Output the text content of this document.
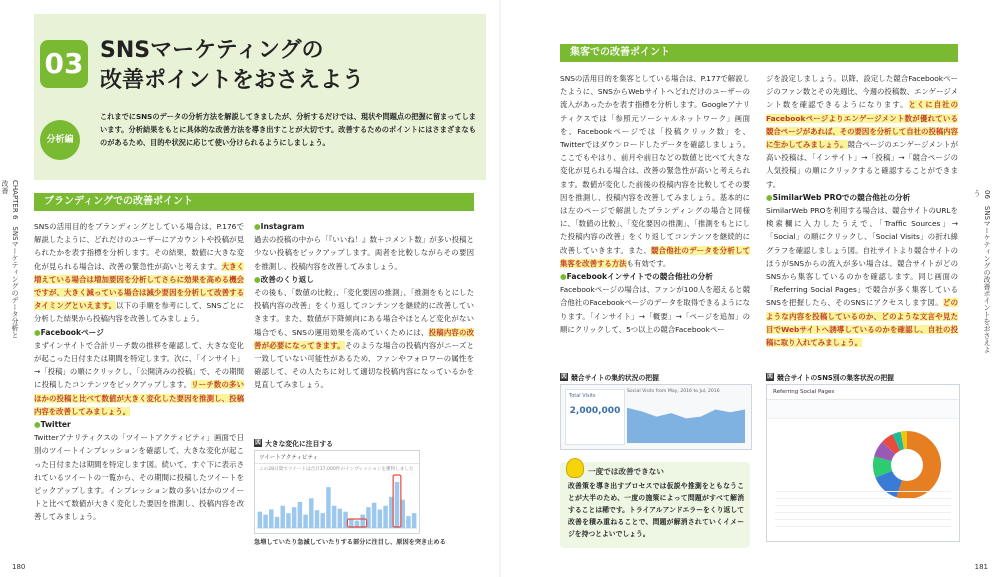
03 SNSマーケティングの
改善ポイントをおさえよう
分析編

これまでにSNSのデータの分析方法を解説してきましたが、分析するだけでは、現状や問題点の把握に留まってしまいます。分析結果をもとに具体的な改善方法を導き出すことが大切です。改善するためのポイントにはさまざまなものがあるため、目的や状況に応じて使い分けられるようにしましょう。

CHAPTER 6　SNSマーケティングのデータ分析と改善
ブランディングでの改善ポイント

SNSの活用目的をブランディングとしている場合は、P.176で解説したように、どれだけのユーザーにアカウントや投稿が見られたかを表す指標を分析します。その結果、数値に大きな変化が見られる場合は、改善の緊急性が高いと考えます。大きく増えている場合は増加要因を分析してさらに効果を高める機会ですが、大きく減っている場合は減少要因を分析して改善するタイミングといえます。以下の手順を参考にして、SNSごとに分析した結果から投稿内容を改善してみましょう。

●Facebookページ

まずインサイトで合計リーチ数の推移を確認して、大きな変化が起こった日付または期間を特定します。次に、「インサイト」→「投稿」の順にクリックし、「公開済みの投稿」で、その期間に投稿したコンテンツをピックアップします。リーチ数の多いほかの投稿と比べて数値が大きく変化した要因を推測し、投稿内容を改善してみましょう。

●Twitter

Twitterアナリティクスの「ツイートアクティビティ」画面で日別のツイートインプレッションを確認して、大きな変化が起こった日付または期間を特定します図。続いて、すぐ下に表示されているツイートの一覧から、その期間に投稿したツイートをピックアップします。インプレッション数の多いほかのツイートと比べて数値が大きく変化した要因を推測し、投稿内容を改善してみましょう。

●Instagram

過去の投稿の中から「『いいね！』数＋コメント数」が多い投稿と少ない投稿をピックアップします。両者を比較しながらその要因を推測し、投稿内容を改善してみましょう。

●改善のくり返し

その後も、「数値の比較」、「変化要因の推測」、「推測をもとにした投稿内容の改善」をくり返してコンテンツを継続的に改善していきます。また、数値が下降傾向にある場合やほとんど変化がない場合でも、SNSの運用効果を高めていくためには、投稿内容の改善が必要になってきます。そのような場合の投稿内容がニーズと一致していない可能性があるため、ファンやフォロワーの属性を確認して、その人たちに対して適切な投稿内容になっているかを見直してみましょう。

図 大きな変化に注目する
ツイートアクティビティ
この28日間でツイートは合計17,000件のインプレッションを獲得しました
急増していたり急減していたりする部分に注目し、原因を突き止める
180
集客での改善ポイント

SNSの活用目的を集客としている場合は、P.177で解説したように、SNSからWebサイトへどれだけのユーザーの流入があったかを表す指標を分析します。Googleアナリティクスでは「参照元ソーシャルネットワーク」画面を、Facebookページでは「投稿クリック数」を、Twitterではダウンロードしたデータを確認しましょう。ここでもやはり、前月や前日などの数値と比べて大きな変化が見られる場合は、改善の緊急性が高いと考えられます。数値が変化した前後の投稿内容を比較してその要因を推測し、投稿内容を改善してみましょう。基本的には左のページで解説したブランディングの場合と同様に、「数値の比較」、「変化要因の推測」、「推測をもとにした投稿内容の改善」をくり返してコンテンツを継続的に改善していきます。また、競合他社のデータを分析して集客を改善する方法も有効です。

●Facebookインサイトでの競合他社の分析

Facebookページの場合は、ファンが100人を超えると競合他社のFacebookページのデータを取得できるようになります。「インサイト」→「概要」→「ページを追加」の順にクリックして、5つ以上の競合Facebookペー

ジを設定しましょう。以降、設定した競合Facebookページのファン数とその先週比、今週の投稿数、エンゲージメント数を確認できるようになります。とくに自社のFacebookページよりエンゲージメント数が優れている競合ページがあれば、その要因を分析して自社の投稿内容に生かしてみましょう。競合ページのエンゲージメントが高い投稿は、「インサイト」→「投稿」→「競合ページの人気投稿」の順にクリックすると確認することができます。

●SimilarWeb PROでの競合他社の分析

SimilarWeb PROを利用する場合は、競合サイトのURLを検索欄に入力したうえで、「Traffic Sources」→「Social」の順にクリックし、「Social Visits」の折れ線グラフを確認しましょう図。自社サイトより競合サイトのほうがSNSからの流入が多い場合は、競合サイトがどのSNSから集客しているのかを確認します。同じ画面の「Referring Social Pages」で競合が多く集客しているSNSを把握したら、そのSNSにアクセスします図。どのような内容を投稿しているのか、どのような文言や見た目でWebサイトへ誘導しているのかを確認し、自社の投稿に取り入れてみましょう。

図 競合サイトの集約状況の把握
Total Visits
2,000,000
Social Visits from May, 2016 to Jul, 2016
図 競合サイトのSNS別の集客状況の把握
Referring Social Pages
一度では改善できない

改善策を導き出すプロセスでは仮説や推測をともなうことが大半のため、一度の施策によって問題がすべて解消することは稀です。トライアルアンドエラーをくり返して改善を積み重ねることで、問題が解消されていくイメージを持つとよいでしょう。

06　SNSマーケティングの改善ポイントをおさえよう
181
